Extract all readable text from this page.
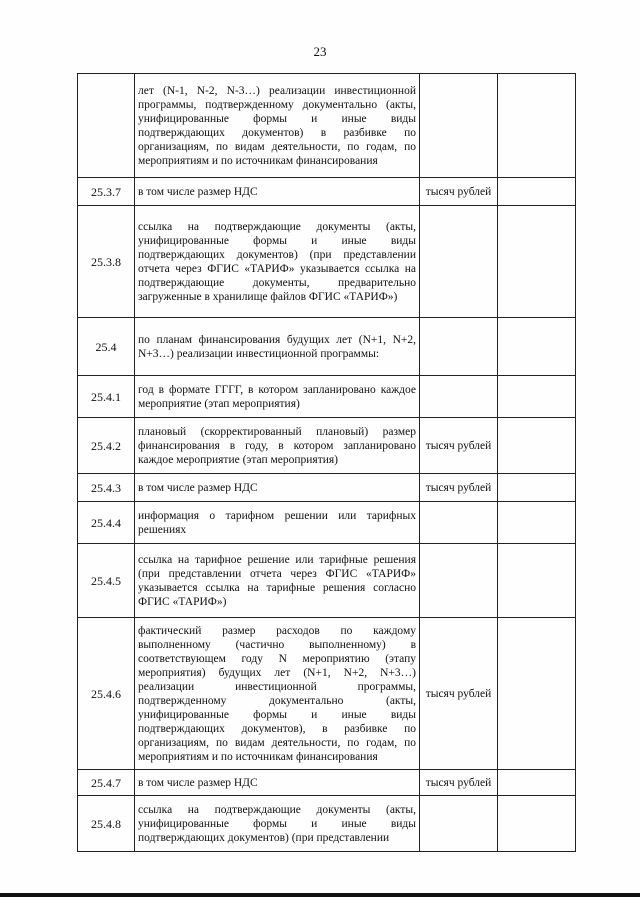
23
	лет (N-1, N-2, N-3…) реализации инвестиционной программы, подтвержденному документально (акты, унифицированные формы и иные виды подтверждающих документов) в разбивке по организациям, по видам деятельности, по годам, по мероприятиям и по источникам финансирования		
25.3.7	в том числе размер НДС	тысяч рублей	
25.3.8	ссылка на подтверждающие документы (акты, унифицированные формы и иные виды подтверждающих документов) (при представлении отчета через ФГИС «ТАРИФ» указывается ссылка на подтверждающие документы, предварительно загруженные в хранилище файлов ФГИС «ТАРИФ»)		
25.4	по планам финансирования будущих лет (N+1, N+2, N+3…) реализации инвестиционной программы:		
25.4.1	год в формате ГГГГ, в котором запланировано каждое мероприятие (этап мероприятия)		
25.4.2	плановый (скорректированный плановый) размер финансирования в году, в котором запланировано каждое мероприятие (этап мероприятия)	тысяч рублей	
25.4.3	в том числе размер НДС	тысяч рублей	
25.4.4	информация о тарифном решении или тарифных решениях		
25.4.5	ссылка на тарифное решение или тарифные решения (при представлении отчета через ФГИС «ТАРИФ» указывается ссылка на тарифные решения согласно ФГИС «ТАРИФ»)		
25.4.6	фактический размер расходов по каждому выполненному (частично выполненному) в соответствующем году N мероприятию (этапу мероприятия) будущих лет (N+1, N+2, N+3…) реализации инвестиционной программы, подтвержденному документально (акты, унифицированные формы и иные виды подтверждающих документов), в разбивке по организациям, по видам деятельности, по годам, по мероприятиям и по источникам финансирования	тысяч рублей	
25.4.7	в том числе размер НДС	тысяч рублей	
25.4.8	ссылка на подтверждающие документы (акты, унифицированные формы и иные виды подтверждающих документов) (при представлении		
